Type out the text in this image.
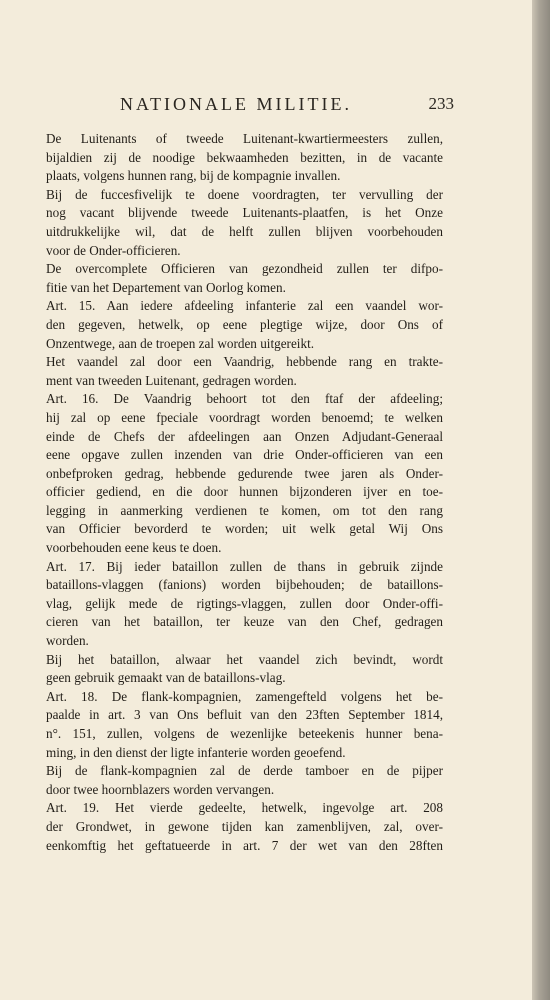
NATIONALE MILITIE.	233
De Luitenants of tweede Luitenant-kwartiermeesters zullen,
bijaldien zij de noodige bekwaamheden bezitten, in de vacante
plaats, volgens hunnen rang, bij de kompagnie invallen.
Bij de fuccesfivelijk te doene voordragten, ter vervulling der
nog vacant blijvende tweede Luitenants-plaatfen, is het Onze
uitdrukkelijke wil, dat de helft zullen blijven voorbehouden
voor de Onder-officieren.
De overcomplete Officieren van gezondheid zullen ter difpo-
fitie van het Departement van Oorlog komen.
Art. 15. Aan iedere afdeeling infanterie zal een vaandel wor-
den gegeven, hetwelk, op eene plegtige wijze, door Ons of
Onzentwege, aan de troepen zal worden uitgereikt.
Het vaandel zal door een Vaandrig, hebbende rang en trakte-
ment van tweeden Luitenant, gedragen worden.
Art. 16. De Vaandrig behoort tot den ftaf der afdeeling;
hij zal op eene fpeciale voordragt worden benoemd; te welken
einde de Chefs der afdeelingen aan Onzen Adjudant-Generaal
eene opgave zullen inzenden van drie Onder-officieren van een
onbefproken gedrag, hebbende gedurende twee jaren als Onder-
officier gediend, en die door hunnen bijzonderen ijver en toe-
legging in aanmerking verdienen te komen, om tot den rang
van Officier bevorderd te worden; uit welk getal Wij Ons
voorbehouden eene keus te doen.
Art. 17. Bij ieder bataillon zullen de thans in gebruik zijnde
bataillons-vlaggen (fanions) worden bijbehouden; de bataillons-
vlag, gelijk mede de rigtings-vlaggen, zullen door Onder-offi-
cieren van het bataillon, ter keuze van den Chef, gedragen
worden.
Bij het bataillon, alwaar het vaandel zich bevindt, wordt
geen gebruik gemaakt van de bataillons-vlag.
Art. 18. De flank-kompagnien, zamengefteld volgens het be-
paalde in art. 3 van Ons befluit van den 23ften September 1814,
n°. 151, zullen, volgens de wezenlijke beteekenis hunner bena-
ming, in den dienst der ligte infanterie worden geoefend.
Bij de flank-kompagnien zal de derde tamboer en de pijper
door twee hoornblazers worden vervangen.
Art. 19. Het vierde gedeelte, hetwelk, ingevolge art. 208
der Grondwet, in gewone tijden kan zamenblijven, zal, over-
eenkomftig het geftatueerde in art. 7 der wet van den 28ften
